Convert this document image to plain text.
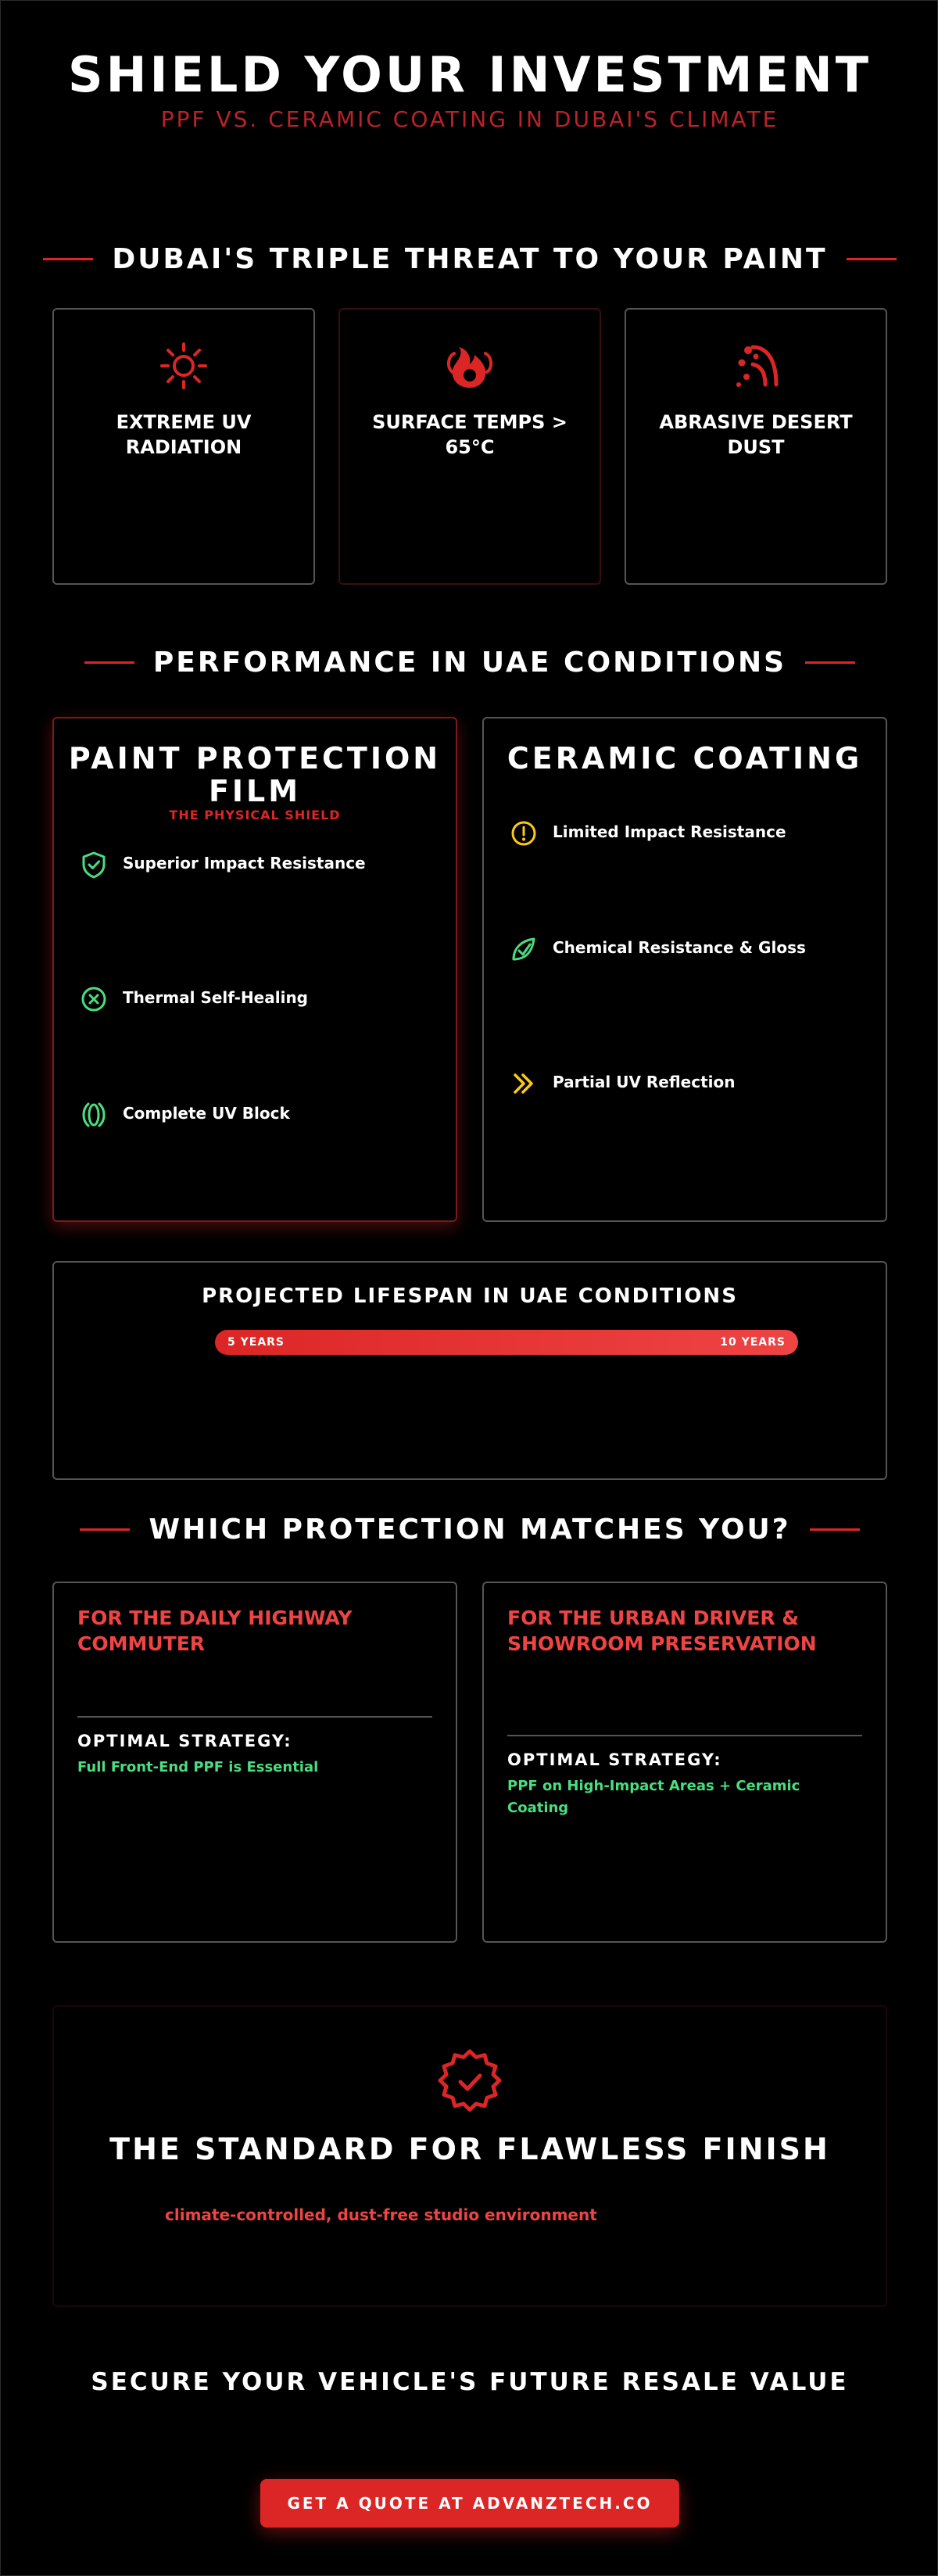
SHIELD YOUR INVESTMENT
PPF VS. CERAMIC COATING IN DUBAI'S CLIMATE
DUBAI'S TRIPLE THREAT TO YOUR PAINT
EXTREME UV RADIATION
SURFACE TEMPS > 65°C
ABRASIVE DESERT DUST
PERFORMANCE IN UAE CONDITIONS
PAINT PROTECTION FILM
THE PHYSICAL SHIELD
Superior Impact Resistance
Thermal Self-Healing
Complete UV Block
CERAMIC COATING
Limited Impact Resistance
Chemical Resistance & Gloss
Partial UV Reflection
PROJECTED LIFESPAN IN UAE CONDITIONS
5 YEARS	10 YEARS
WHICH PROTECTION MATCHES YOU?
FOR THE DAILY HIGHWAY COMMUTER
OPTIMAL STRATEGY:
Full Front-End PPF is Essential
FOR THE URBAN DRIVER & SHOWROOM PRESERVATION
OPTIMAL STRATEGY:
PPF on High-Impact Areas + Ceramic Coating
THE STANDARD FOR FLAWLESS FINISH
climate-controlled, dust-free studio environment
SECURE YOUR VEHICLE'S FUTURE RESALE VALUE
GET A QUOTE AT ADVANZTECH.CO
